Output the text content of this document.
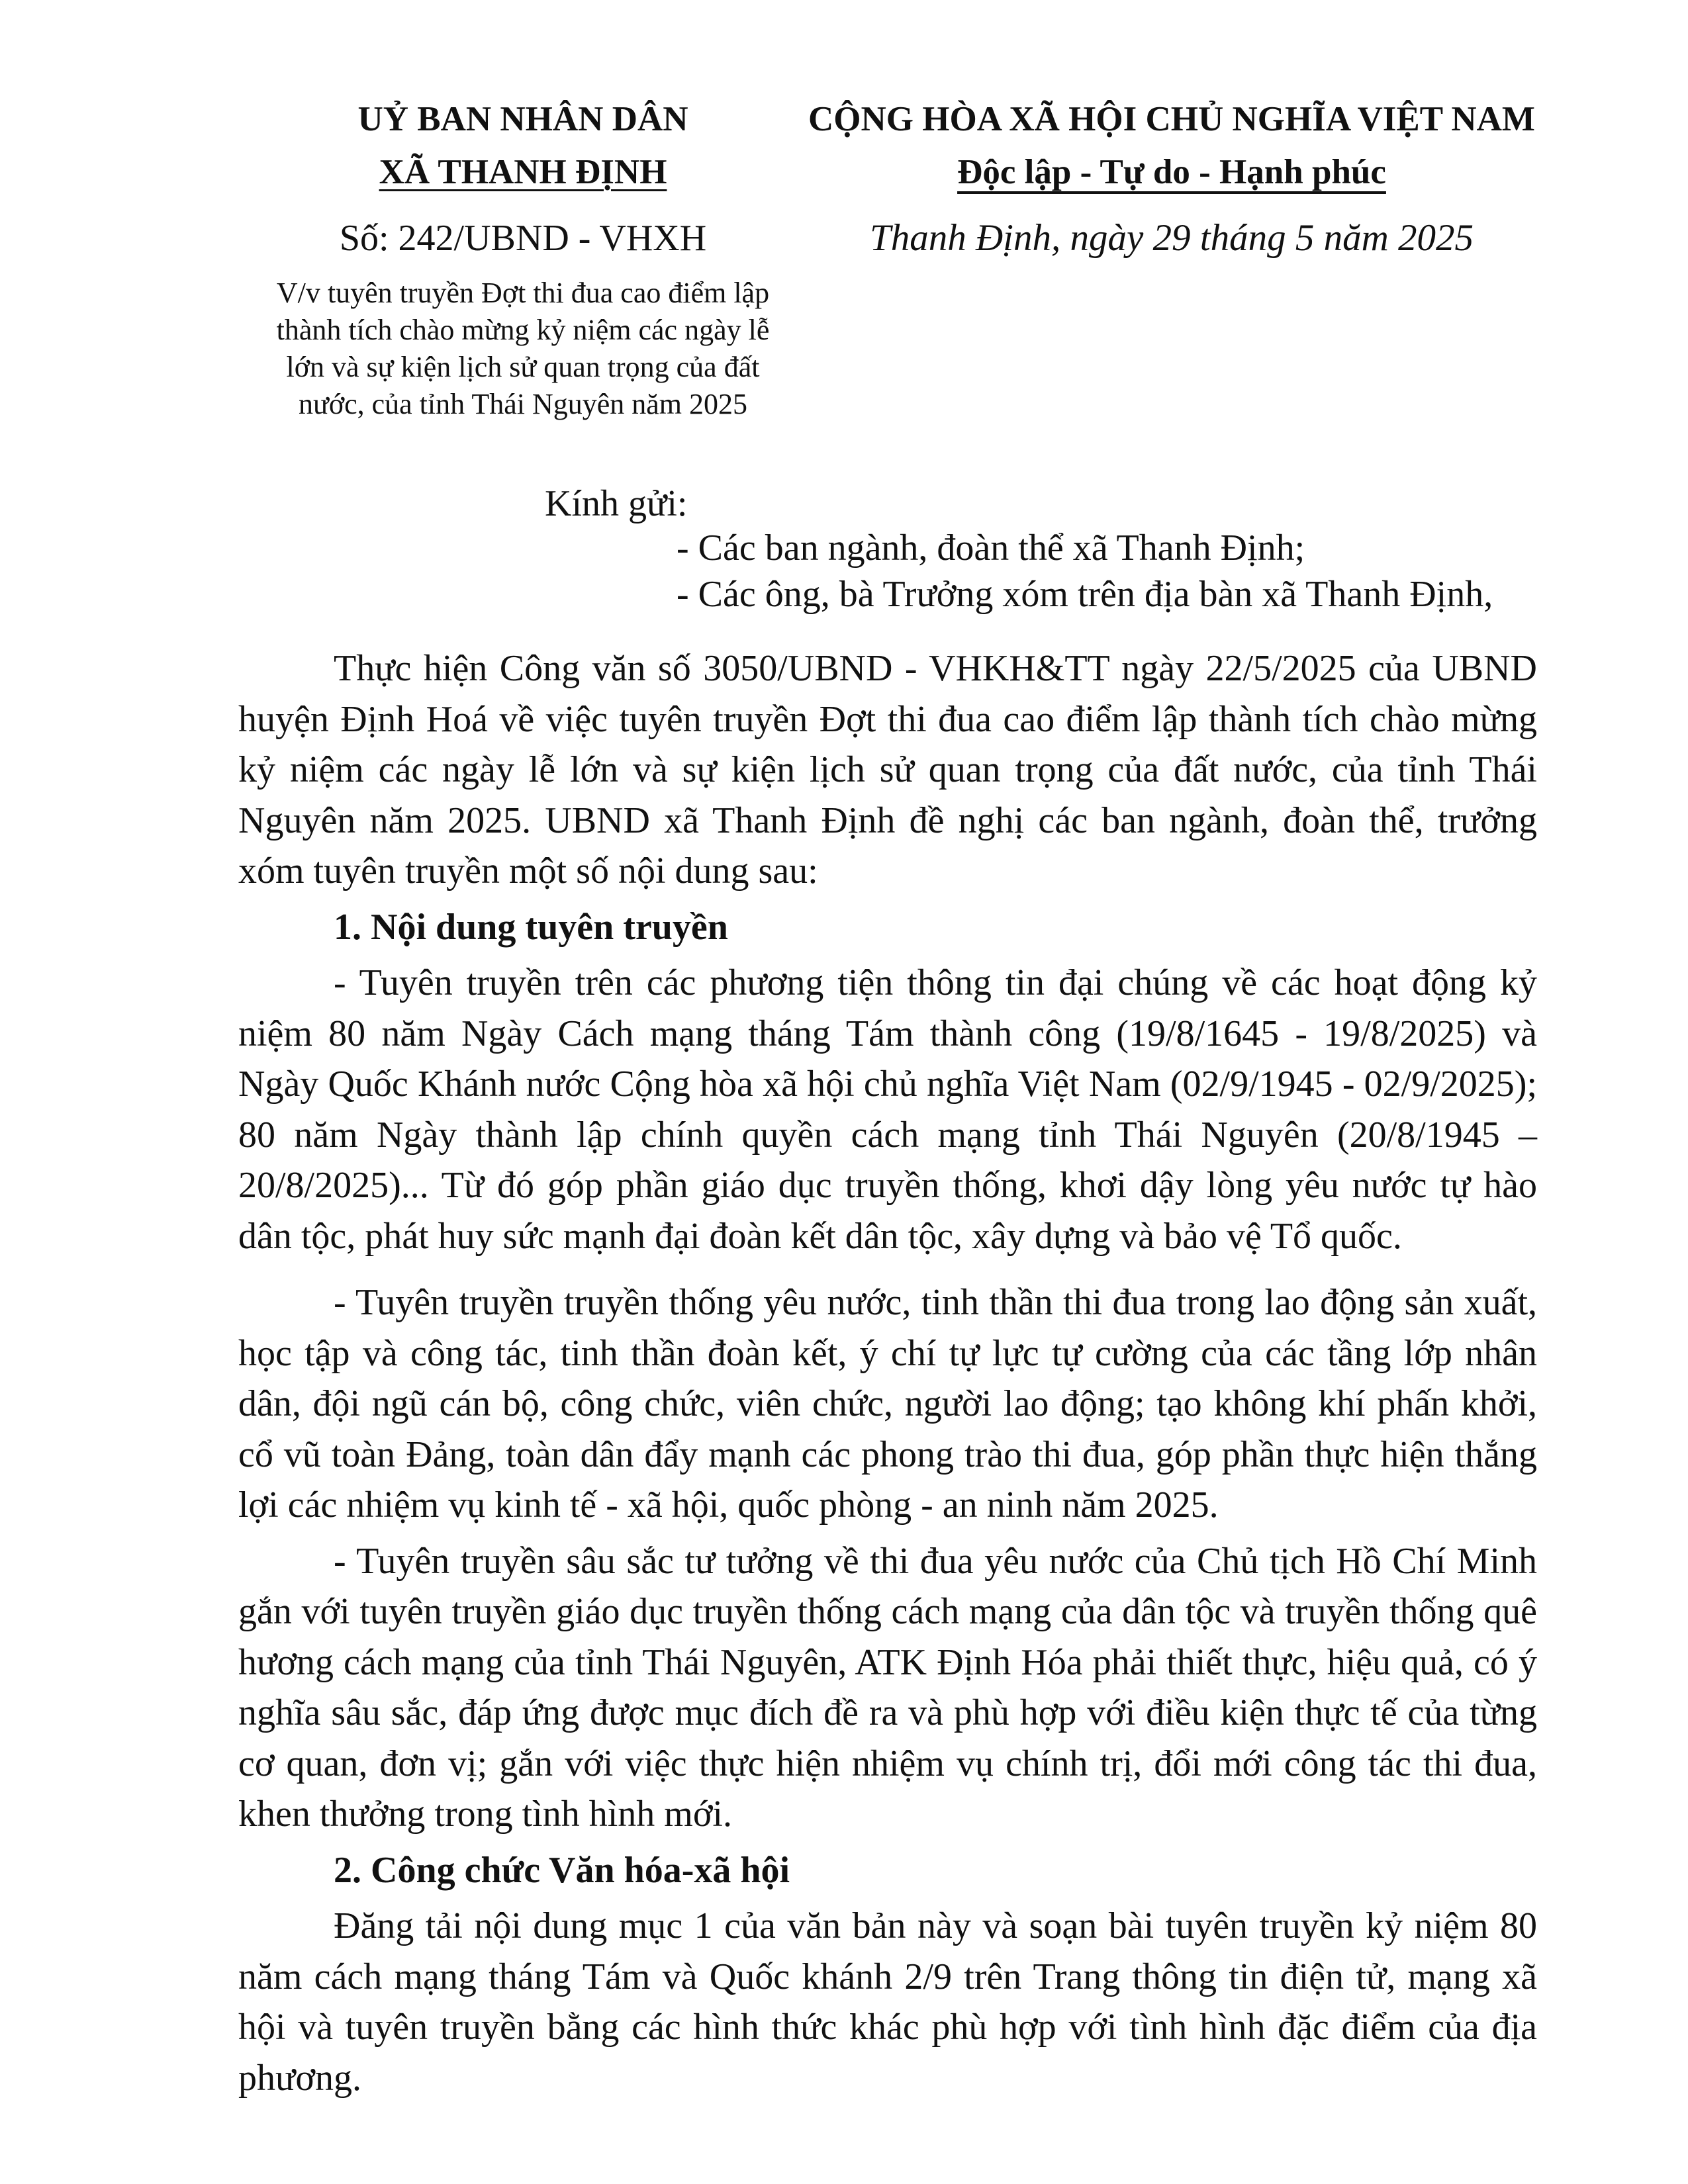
UỶ BAN NHÂN DÂN
XÃ THANH ĐỊNH
CỘNG HÒA XÃ HỘI CHỦ NGHĨA VIỆT NAM
Độc lập - Tự do - Hạnh phúc
Số: 242/UBND - VHXH	Thanh Định, ngày 29 tháng 5 năm 2025
V/v tuyên truyền Đợt thi đua cao điểm lập
thành tích chào mừng kỷ niệm các ngày lễ
lớn và sự kiện lịch sử quan trọng của đất
nước, của tỉnh Thái Nguyên năm 2025
Kính gửi:

- Các ban ngành, đoàn thể xã Thanh Định;

- Các ông, bà Trưởng xóm trên địa bàn xã Thanh Định,

Thực hiện Công văn số 3050/UBND - VHKH&TT ngày 22/5/2025 của UBND huyện Định Hoá về việc tuyên truyền Đợt thi đua cao điểm lập thành tích chào mừng kỷ niệm các ngày lễ lớn và sự kiện lịch sử quan trọng của đất nước, của tỉnh Thái Nguyên năm 2025. UBND xã Thanh Định đề nghị các ban ngành, đoàn thể, trưởng xóm tuyên truyền một số nội dung sau:

1. Nội dung tuyên truyền

- Tuyên truyền trên các phương tiện thông tin đại chúng về các hoạt động kỷ niệm 80 năm Ngày Cách mạng tháng Tám thành công (19/8/1645 - 19/8/2025) và Ngày Quốc Khánh nước Cộng hòa xã hội chủ nghĩa Việt Nam (02/9/1945 - 02/9/2025); 80 năm Ngày thành lập chính quyền cách mạng tỉnh Thái Nguyên (20/8/1945 – 20/8/2025)... Từ đó góp phần giáo dục truyền thống, khơi dậy lòng yêu nước tự hào dân tộc, phát huy sức mạnh đại đoàn kết dân tộc, xây dựng và bảo vệ Tổ quốc.

- Tuyên truyền truyền thống yêu nước, tinh thần thi đua trong lao động sản xuất, học tập và công tác, tinh thần đoàn kết, ý chí tự lực tự cường của các tầng lớp nhân dân, đội ngũ cán bộ, công chức, viên chức, người lao động; tạo không khí phấn khởi, cổ vũ toàn Đảng, toàn dân đẩy mạnh các phong trào thi đua, góp phần thực hiện thắng lợi các nhiệm vụ kinh tế - xã hội, quốc phòng - an ninh năm 2025.

- Tuyên truyền sâu sắc tư tưởng về thi đua yêu nước của Chủ tịch Hồ Chí Minh gắn với tuyên truyền giáo dục truyền thống cách mạng của dân tộc và truyền thống quê hương cách mạng của tỉnh Thái Nguyên, ATK Định Hóa phải thiết thực, hiệu quả, có ý nghĩa sâu sắc, đáp ứng được mục đích đề ra và phù hợp với điều kiện thực tế của từng cơ quan, đơn vị; gắn với việc thực hiện nhiệm vụ chính trị, đổi mới công tác thi đua, khen thưởng trong tình hình mới.

2. Công chức Văn hóa-xã hội

Đăng tải nội dung mục 1 của văn bản này và soạn bài tuyên truyền kỷ niệm 80 năm cách mạng tháng Tám và Quốc khánh 2/9 trên Trang thông tin điện tử, mạng xã hội và tuyên truyền bằng các hình thức khác phù hợp với tình hình đặc điểm của địa phương.
